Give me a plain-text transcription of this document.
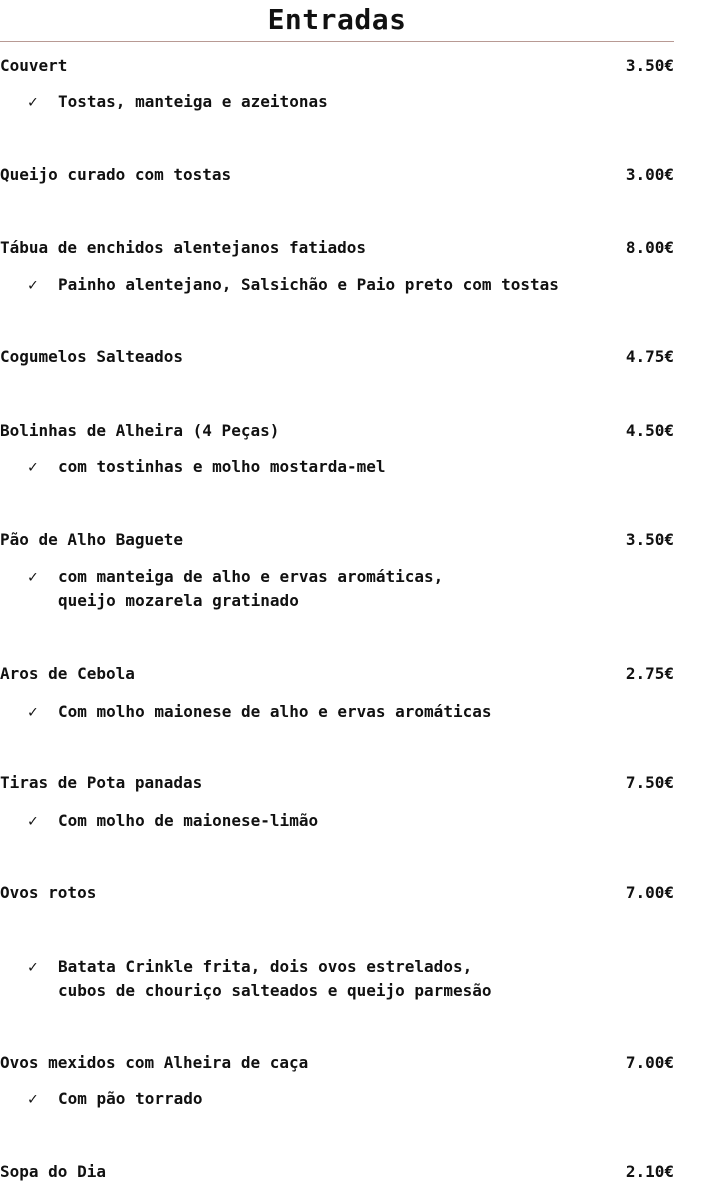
Entradas
Couvert	3.50€
✓ Tostas, manteiga e azeitonas
Queijo curado com tostas	3.00€
Tábua de enchidos alentejanos fatiados	8.00€
✓ Painho alentejano, Salsichão e Paio preto com tostas
Cogumelos Salteados	4.75€
Bolinhas de Alheira (4 Peças)	4.50€
✓ com tostinhas e molho mostarda-mel
Pão de Alho Baguete	3.50€
✓ com manteiga de alho e ervas aromáticas,
queijo mozarela gratinado
Aros de Cebola	2.75€
✓ Com molho maionese de alho e ervas aromáticas
Tiras de Pota panadas	7.50€
✓ Com molho de maionese-limão
Ovos rotos	7.00€
✓ Batata Crinkle frita, dois ovos estrelados,
cubos de chouriço salteados e queijo parmesão
Ovos mexidos com Alheira de caça	7.00€
✓ Com pão torrado
Sopa do Dia	2.10€
